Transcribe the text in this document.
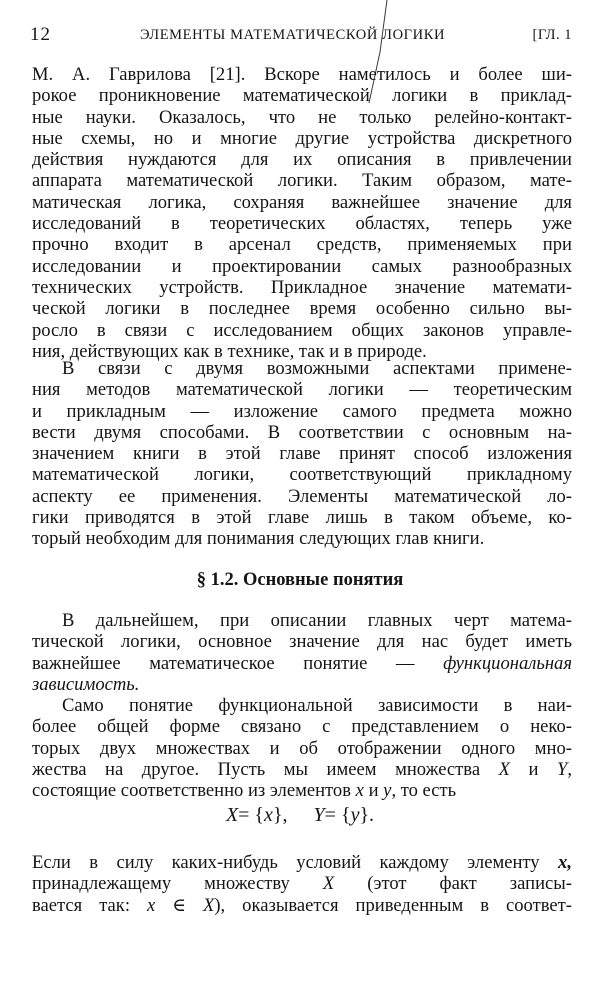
12	ЭЛЕМЕНТЫ МАТЕМАТИЧЕСКОЙ ЛОГИКИ	[ГЛ. 1
М. А. Гаврилова [21]. Вскоре наметилось и более ши-
рокое проникновение математической логики в приклад-
ные науки. Оказалось, что не только релейно-контакт-
ные схемы, но и многие другие устройства дискретного
действия нуждаются для их описания в привлечении
аппарата математической логики. Таким образом, мате-
матическая логика, сохраняя важнейшее значение для
исследований в теоретических областях, теперь уже
прочно входит в арсенал средств, применяемых при
исследовании и проектировании самых разнообразных
технических устройств. Прикладное значение математи-
ческой логики в последнее время особенно сильно вы-
росло в связи с исследованием общих законов управле-
ния, действующих как в технике, так и в природе.
В связи с двумя возможными аспектами примене-
ния методов математической логики — теоретическим
и прикладным — изложение самого предмета можно
вести двумя способами. В соответствии с основным на-
значением книги в этой главе принят способ изложения
математической логики, соответствующий прикладному
аспекту ее применения. Элементы математической ло-
гики приводятся в этой главе лишь в таком объеме, ко-
торый необходим для понимания следующих глав книги.
§ 1.2. Основные понятия
В дальнейшем, при описании главных черт матема-
тической логики, основное значение для нас будет иметь
важнейшее математическое понятие — функциональная
зависимость.
Само понятие функциональной зависимости в наи-
более общей форме связано с представлением о неко-
торых двух множествах и об отображении одного мно-
жества на другое. Пусть мы имеем множества X и Y,
состоящие соответственно из элементов x и y, то есть

X= {x}, Y= {y}.

Если в силу каких-нибудь условий каждому элементу x,
принадлежащему множеству X (этот факт записы-
вается так: x ∈ X), оказывается приведенным в соответ-
